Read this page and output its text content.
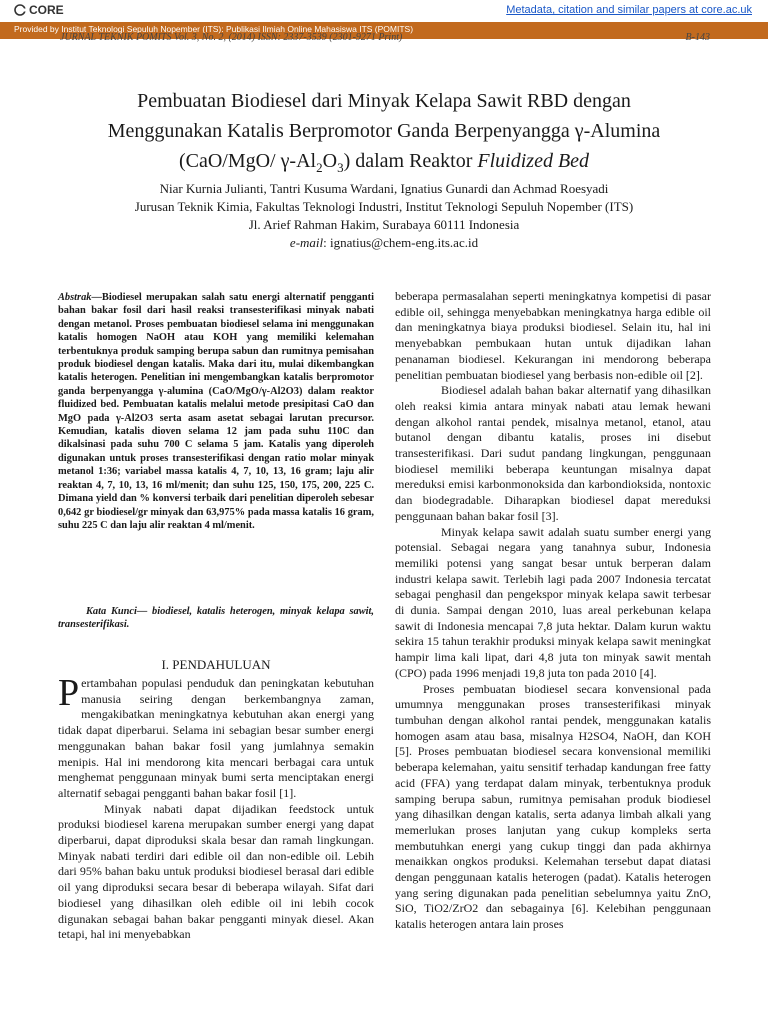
CORE	Metadata, citation and similar papers at core.ac.uk
Provided by Institut Teknologi Sepuluh Nopember (ITS): Publikasi Ilmiah Online Mahasiswa ITS (POMITS)
JURNAL TEKNIK POMITS Vol. 3, No. 2, (2014) ISSN: 2337-3539 (2301-9271 Print)	B-143
Pembuatan Biodiesel dari Minyak Kelapa Sawit RBD dengan
Menggunakan Katalis Berpromotor Ganda Berpenyangga γ-Alumina
(CaO/MgO/ $\gamma-Al_2O_3$) dalam Reaktor Fluidized Bed
Niar Kurnia Julianti, Tantri Kusuma Wardani, Ignatius Gunardi dan Achmad Roesyadi
Jurusan Teknik Kimia, Fakultas Teknologi Industri, Institut Teknologi Sepuluh Nopember (ITS)
Jl. Arief Rahman Hakim, Surabaya 60111 Indonesia
e-mail: ignatius@chem-eng.its.ac.id

Abstrak—Biodiesel merupakan salah satu energi alternatif pengganti bahan bakar fosil dari hasil reaksi transesterifikasi minyak nabati dengan metanol. Proses pembuatan biodiesel selama ini menggunakan katalis homogen NaOH atau KOH yang memiliki kelemahan terbentuknya produk samping berupa sabun dan rumitnya pemisahan produk biodiesel dengan katalis. Maka dari itu, mulai dikembangkan katalis heterogen. Penelitian ini mengembangkan katalis berpromotor ganda berpenyangga γ-alumina (CaO/MgO/γ-Al2O3) dalam reaktor fluidized bed. Pembuatan katalis melalui metode presipitasi CaO dan MgO pada γ-Al2O3 serta asam asetat sebagai larutan precursor. Kemudian, katalis dioven selama 12 jam pada suhu 110C dan dikalsinasi pada suhu 700 C selama 5 jam. Katalis yang diperoleh digunakan untuk proses transesterifikasi dengan ratio molar minyak metanol 1:36; variabel massa katalis 4, 7, 10, 13, 16 gram; laju alir reaktan 4, 7, 10, 13, 16 ml/menit; dan suhu 125, 150, 175, 200, 225 C. Dimana yield dan % konversi terbaik dari penelitian diperoleh sebesar 0,642 gr biodiesel/gr minyak dan 63,975% pada massa katalis 16 gram, suhu 225 C dan laju alir reaktan 4 ml/menit.

Kata Kunci— biodiesel, katalis heterogen, minyak kelapa sawit, transesterifikasi.

I. PENDAHULUAN

Pertambahan populasi penduduk dan peningkatan kebutuhan manusia seiring dengan berkembangnya zaman, mengakibatkan meningkatnya kebutuhan akan energi yang tidak dapat diperbarui. Selama ini sebagian besar sumber energi menggunakan bahan bakar fosil yang jumlahnya semakin menipis. Hal ini mendorong kita mencari berbagai cara untuk menghemat penggunaan minyak bumi serta menciptakan energi alternatif sebagai pengganti bahan bakar fosil [1].

Minyak nabati dapat dijadikan feedstock untuk produksi biodiesel karena merupakan sumber energi yang dapat diperbarui, dapat diproduksi skala besar dan ramah lingkungan. Minyak nabati terdiri dari edible oil dan non-edible oil. Lebih dari 95% bahan baku untuk produksi biodiesel berasal dari edible oil yang diproduksi secara besar di beberapa wilayah. Sifat dari biodiesel yang dihasilkan oleh edible oil ini lebih cocok digunakan sebagai bahan bakar pengganti minyak diesel. Akan tetapi, hal ini menyebabkan

beberapa permasalahan seperti meningkatnya kompetisi di pasar edible oil, sehingga menyebabkan meningkatnya harga edible oil dan meningkatnya biaya produksi biodiesel. Selain itu, hal ini menyebabkan pembukaan hutan untuk dijadikan lahan penanaman biodiesel. Kekurangan ini mendorong beberapa penelitian pembuatan biodiesel yang berbasis non-edible oil [2].

Biodiesel adalah bahan bakar alternatif yang dihasilkan oleh reaksi kimia antara minyak nabati atau lemak hewani dengan alkohol rantai pendek, misalnya metanol, etanol, atau butanol dengan dibantu katalis, proses ini disebut transesterifikasi. Dari sudut pandang lingkungan, penggunaan biodiesel memiliki beberapa keuntungan misalnya dapat mereduksi emisi karbonmonoksida dan karbondioksida, nontoxic dan biodegradable. Diharapkan biodiesel dapat mereduksi penggunaan bahan bakar fosil [3].

Minyak kelapa sawit adalah suatu sumber energi yang potensial. Sebagai negara yang tanahnya subur, Indonesia memiliki potensi yang sangat besar untuk berperan dalam industri kelapa sawit. Terlebih lagi pada 2007 Indonesia tercatat sebagai penghasil dan pengekspor minyak kelapa sawit terbesar di dunia. Sampai dengan 2010, luas areal perkebunan kelapa sawit di Indonesia mencapai 7,8 juta hektar. Dalam kurun waktu sekira 15 tahun terakhir produksi minyak kelapa sawit meningkat hampir lima kali lipat, dari 4,8 juta ton minyak sawit mentah (CPO) pada 1996 menjadi 19,8 juta ton pada 2010 [4].

Proses pembuatan biodiesel secara konvensional pada umumnya menggunakan proses transesterifikasi minyak tumbuhan dengan alkohol rantai pendek, menggunakan katalis homogen asam atau basa, misalnya H2SO4, NaOH, dan KOH [5]. Proses pembuatan biodiesel secara konvensional memiliki beberapa kelemahan, yaitu sensitif terhadap kandungan free fatty acid (FFA) yang terdapat dalam minyak, terbentuknya produk samping berupa sabun, rumitnya pemisahan produk biodiesel yang dihasilkan dengan katalis, serta adanya limbah alkali yang memerlukan proses lanjutan yang cukup kompleks serta membutuhkan energi yang cukup tinggi dan pada akhirnya menaikkan ongkos produksi. Kelemahan tersebut dapat diatasi dengan penggunaan katalis heterogen (padat). Katalis heterogen yang sering digunakan pada penelitian sebelumnya yaitu ZnO, SiO, TiO2/ZrO2 dan sebagainya [6]. Kelebihan penggunaan katalis heterogen antara lain proses
